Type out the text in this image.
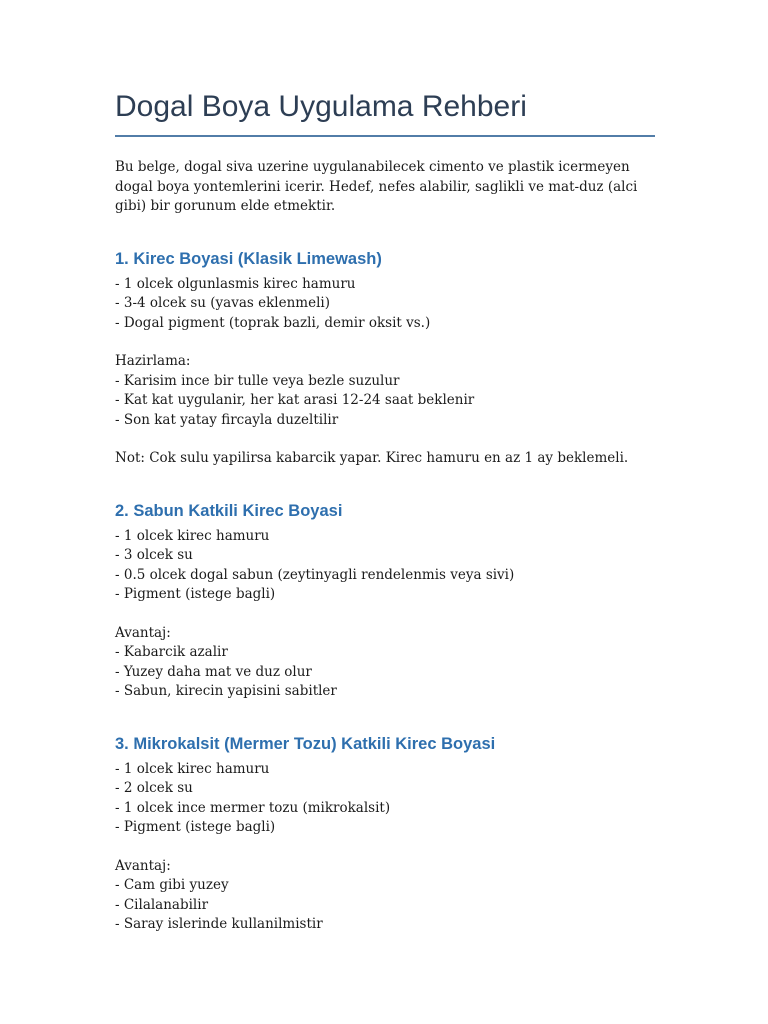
Dogal Boya Uygulama Rehberi

Bu belge, dogal siva uzerine uygulanabilecek cimento ve plastik icermeyen dogal boya yontemlerini icerir. Hedef, nefes alabilir, saglikli ve mat-duz (alci gibi) bir gorunum elde etmektir.

1. Kirec Boyasi (Klasik Limewash)

- 1 olcek olgunlasmis kirec hamuru

- 3-4 olcek su (yavas eklenmeli)

- Dogal pigment (toprak bazli, demir oksit vs.)

Hazirlama:

- Karisim ince bir tulle veya bezle suzulur

- Kat kat uygulanir, her kat arasi 12-24 saat beklenir

- Son kat yatay fircayla duzeltilir

Not: Cok sulu yapilirsa kabarcik yapar. Kirec hamuru en az 1 ay beklemeli.

2. Sabun Katkili Kirec Boyasi

- 1 olcek kirec hamuru

- 3 olcek su

- 0.5 olcek dogal sabun (zeytinyagli rendelenmis veya sivi)

- Pigment (istege bagli)

Avantaj:

- Kabarcik azalir

- Yuzey daha mat ve duz olur

- Sabun, kirecin yapisini sabitler

3. Mikrokalsit (Mermer Tozu) Katkili Kirec Boyasi

- 1 olcek kirec hamuru

- 2 olcek su

- 1 olcek ince mermer tozu (mikrokalsit)

- Pigment (istege bagli)

Avantaj:

- Cam gibi yuzey

- Cilalanabilir

- Saray islerinde kullanilmistir
